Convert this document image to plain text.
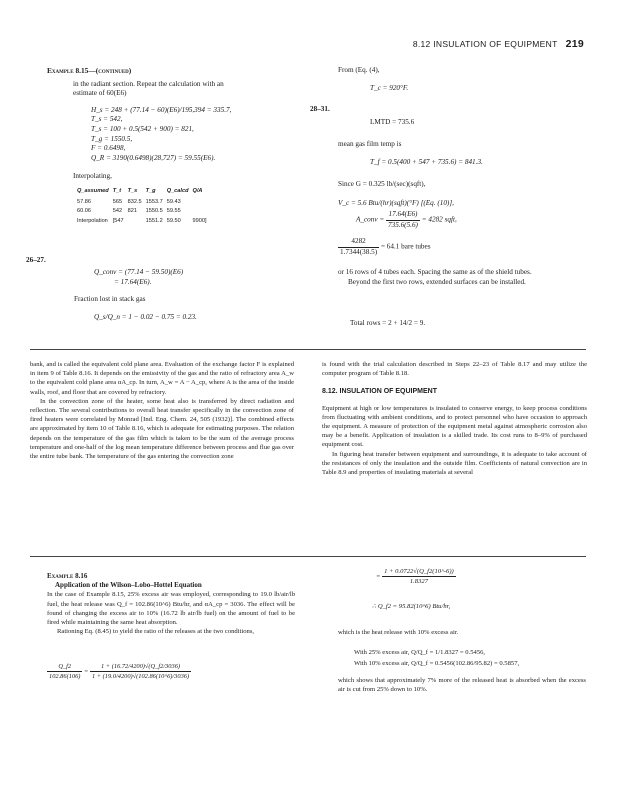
8.12 INSULATION OF EQUIPMENT 219
Example 8.15—(continued)
in the radiant section. Repeat the calculation with an
estimate of 60(E6)
H_s = 248 + (77.14 − 60)(E6)/195,394 = 335.7,
T_s = 542,
T_s = 100 + 0.5(542 + 900) = 821,
T_g = 1550.5,
F = 0.6498,
Q_R = 3190(0.6498)(28,727) = 59.55(E6).
Interpolating,
Q_assumed	T_t	T_s	T_g	Q_calcd	Q/A
57.86	565	832.5	1553.7	59.43	
60.06	542	821	1550.5	59.55	
Interpolation	[547		1551.2	59.50	9900]
26–27.
Q_conv = (77.14 − 59.50)(E6)
= 17.64(E6).
Fraction lost in stack gas
Q_s/Q_n = 1 − 0.02 − 0.75 = 0.23.
From (Eq. (4),
T_c = 920°F.
28–31.
LMTD = 735.6
mean gas film temp is
T_f = 0.5(400 + 547 + 735.6) = 841.3.
Since G = 0.325 lb/(sec)(sqft),
V_c = 5.6 Btu/(hr)(sqft)(°F) [(Eq. (10)],
A_conv = $\frac{17.64(E6)}{735.6(5.6)} = 4282$ sqft,
$\frac{4282}{1.7344(38.5)} = 64.1$ bare tubes

or 16 rows of 4 tubes each. Spacing the same as of the shield tubes.

Beyond the first two rows, extended surfaces can be installed.

Total rows = 2 + 14/2 = 9.

bank, and is called the equivalent cold plane area. Evaluation of the exchange factor F is explained in item 9 of Table 8.16. It depends on the emissivity of the gas and the ratio of refractory area A_w to the equivalent cold plane area αA_cp. In turn, A_w = A − A_cp, where A is the area of the inside walls, roof, and floor that are covered by refractory.

In the convection zone of the heater, some heat also is transferred by direct radiation and reflection. The several contributions to overall heat transfer specifically in the convection zone of fired heaters were correlated by Monrad [Ind. Eng. Chem. 24, 505 (1932)]. The combined effects are approximated by item 10 of Table 8.16, which is adequate for estimating purposes. The relation depends on the temperature of the gas film which is taken to be the sum of the average process temperature and one-half of the log mean temperature difference between process and flue gas over the entire tube bank. The temperature of the gas entering the convection zone

is found with the trial calculation described in Steps 22–23 of Table 8.17 and may utilize the computer program of Table 8.18.

8.12. INSULATION OF EQUIPMENT

Equipment at high or low temperatures is insulated to conserve energy, to keep process conditions from fluctuating with ambient conditions, and to protect personnel who have occasion to approach the equipment. A measure of protection of the equipment metal against atmospheric corrosion also may be a benefit. Application of insulation is a skilled trade. Its cost runs to 8–9% of purchased equipment cost.

In figuring heat transfer between equipment and surroundings, it is adequate to take account of the resistances of only the insulation and the outside film. Coefficients of natural convection are in Table 8.9 and properties of insulating materials at several

Example 8.16
Application of the Wilson–Lobo–Hottel Equation

In the case of Example 8.15, 25% excess air was employed, corresponding to 19.0 lb/air/lb fuel, the heat release was Q_f = 102.86(10^6) Btu/hr, and αA_cp = 3036. The effect will be found of changing the excess air to 10% (16.72 lb air/lb fuel) on the amount of fuel to be fired while maintaining the same heat absorption.

Rationing Eq. (8.45) to yield the ratio of the releases at the two conditions,

$\frac{Q\_f2}{102.86(106)} = \frac{1 + (16.72/4200)√(Q\_f2/3036)}{1 + (19.0/4200)√(102.86(10\^{}6)/3036)}$
= $\frac{1 + 0.0722√(Q\_f2(10\^{}-6))}{1.8327}$
∴ Q_f2 = 95.82(10^6) Btu/hr,
which is the heat release with 10% excess air.
With 25% excess air, Q/Q_f = 1/1.8327 = 0.5456,
With 10% excess air, Q/Q_f = 0.5456(102.86/95.82) = 0.5857,
which shows that approximately 7% more of the released heat is absorbed when the excess air is cut from 25% down to 10%.
